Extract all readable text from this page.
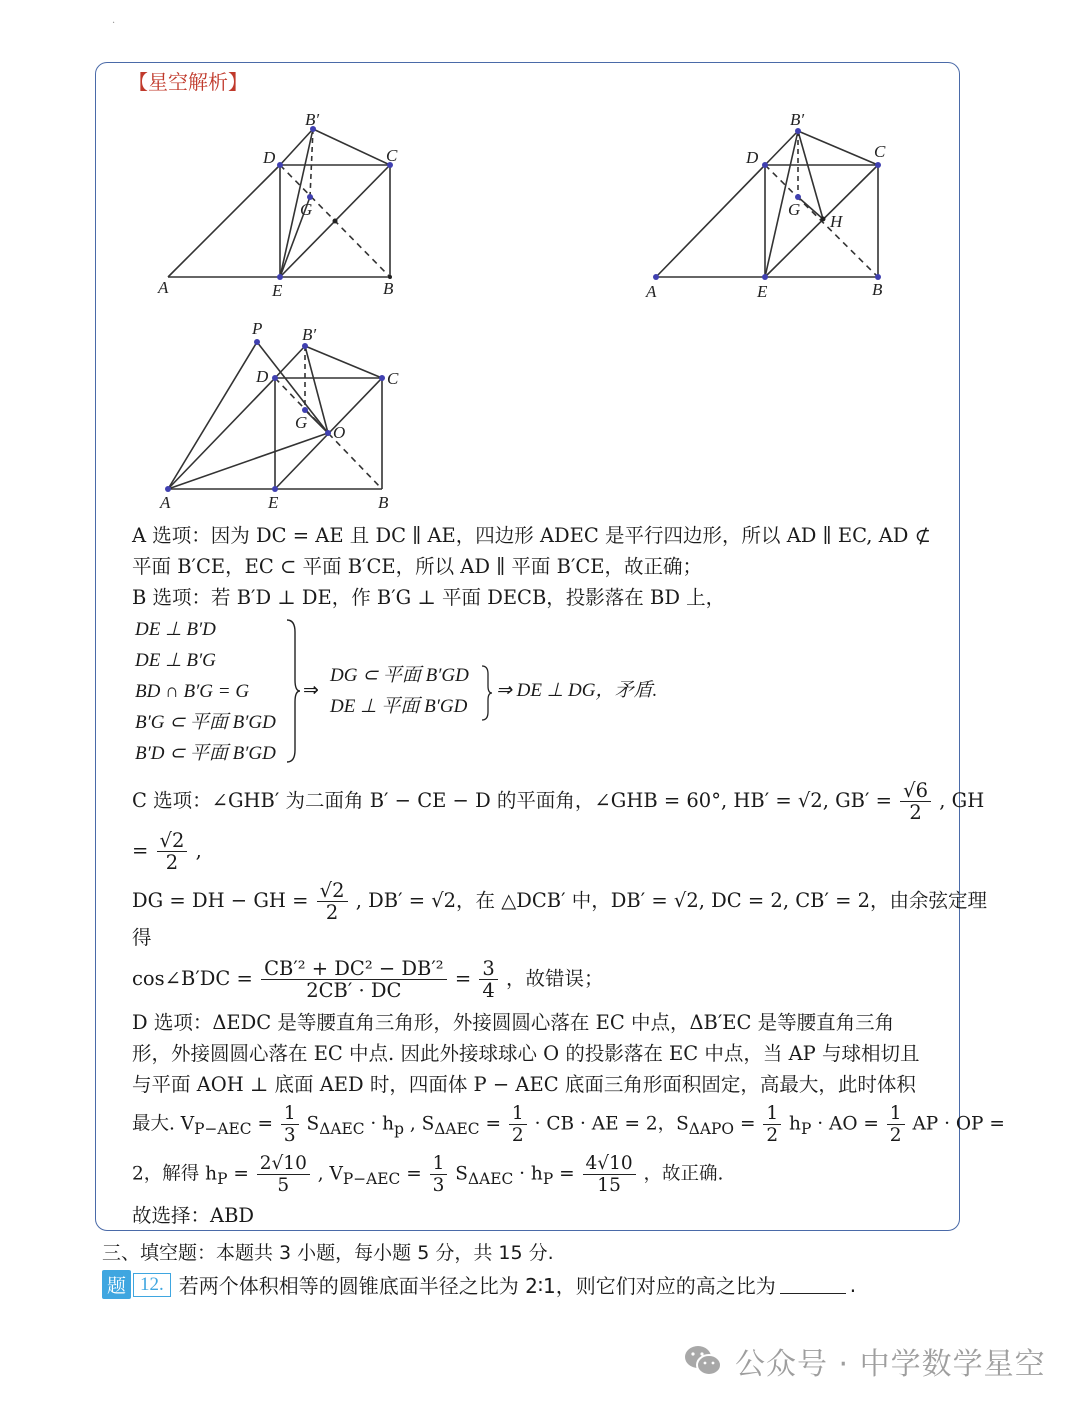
·
【星空解析】
B′
D	C
G
A	E	B
B′
D	C
G
H
A	E	B
P B′
D	C
G
O
A	E	B
A 选项：因为 DC = AE 且 DC ∥ AE，四边形 ADEC 是平行四边形，所以 AD ∥ EC, AD ⊄
平面 B′CE，EC ⊂ 平面 B′CE，所以 AD ∥ 平面 B′CE，故正确；
B 选项：若 B′D ⊥ DE，作 B′G ⊥ 平面 DECB，投影落在 BD 上，
DE ⊥ B′D
DE ⊥ B′G
BD ∩ B′G = G
B′G ⊂ 平面 B′GD
B′D ⊂ 平面 B′GD
⇒
DG ⊂ 平面 B′GD
DE ⊥ 平面 B′GD
⇒ DE ⊥ DG，矛盾.
C 选项：∠GHB′ 为二面角 B′ − CE − D 的平面角，∠GHB = 60°, HB′ = √2, $GB' = \frac{√6}{2}$ , GH
= $\frac{√2}{2}$ ,
DG = DH − GH = $\frac{√2}{2}$ , DB′ = √2，在 △DCB′ 中，DB′ = √2, DC = 2, CB′ = 2，由余弦定理
得
cos∠B′DC = $\frac{\text{CB′² + DC² − DB′²}}{2CB' \cdot DC} = \frac{3}{4}$ ，故错误；
D 选项：ΔEDC 是等腰直角三角形，外接圆圆心落在 EC 中点，ΔB′EC 是等腰直角三角
形，外接圆圆心落在 EC 中点. 因此外接球球心 O 的投影落在 EC 中点，当 AP 与球相切且
与平面 AOH ⊥ 底面 AED 时，四面体 P − AEC 底面三角形面积固定，高最大，此时体积
最大. $V_{P-AEC} = \frac{1}{3} S_{\Delta AEC} \cdot h_p$ , $S_{\Delta AEC} = \frac{1}{2}$ · CB · AE = 2，$S_{\Delta APO} = \frac{1}{2} h_P$ · AO = $\frac{1}{2}$ AP · OP =
2，解得 $h_P = \frac{2√10}{5}$ , $V_{P-AEC} = \frac{1}{3} S_{\Delta AEC} \cdot h_P = \frac{4√10}{15}$ ，故正确.
故选择：ABD
三、填空题：本题共 3 小题，每小题 5 分，共 15 分.
题 12. 若两个体积相等的圆锥底面半径之比为 2∶1，则它们对应的高之比为	.
公众号 · 中学数学星空
